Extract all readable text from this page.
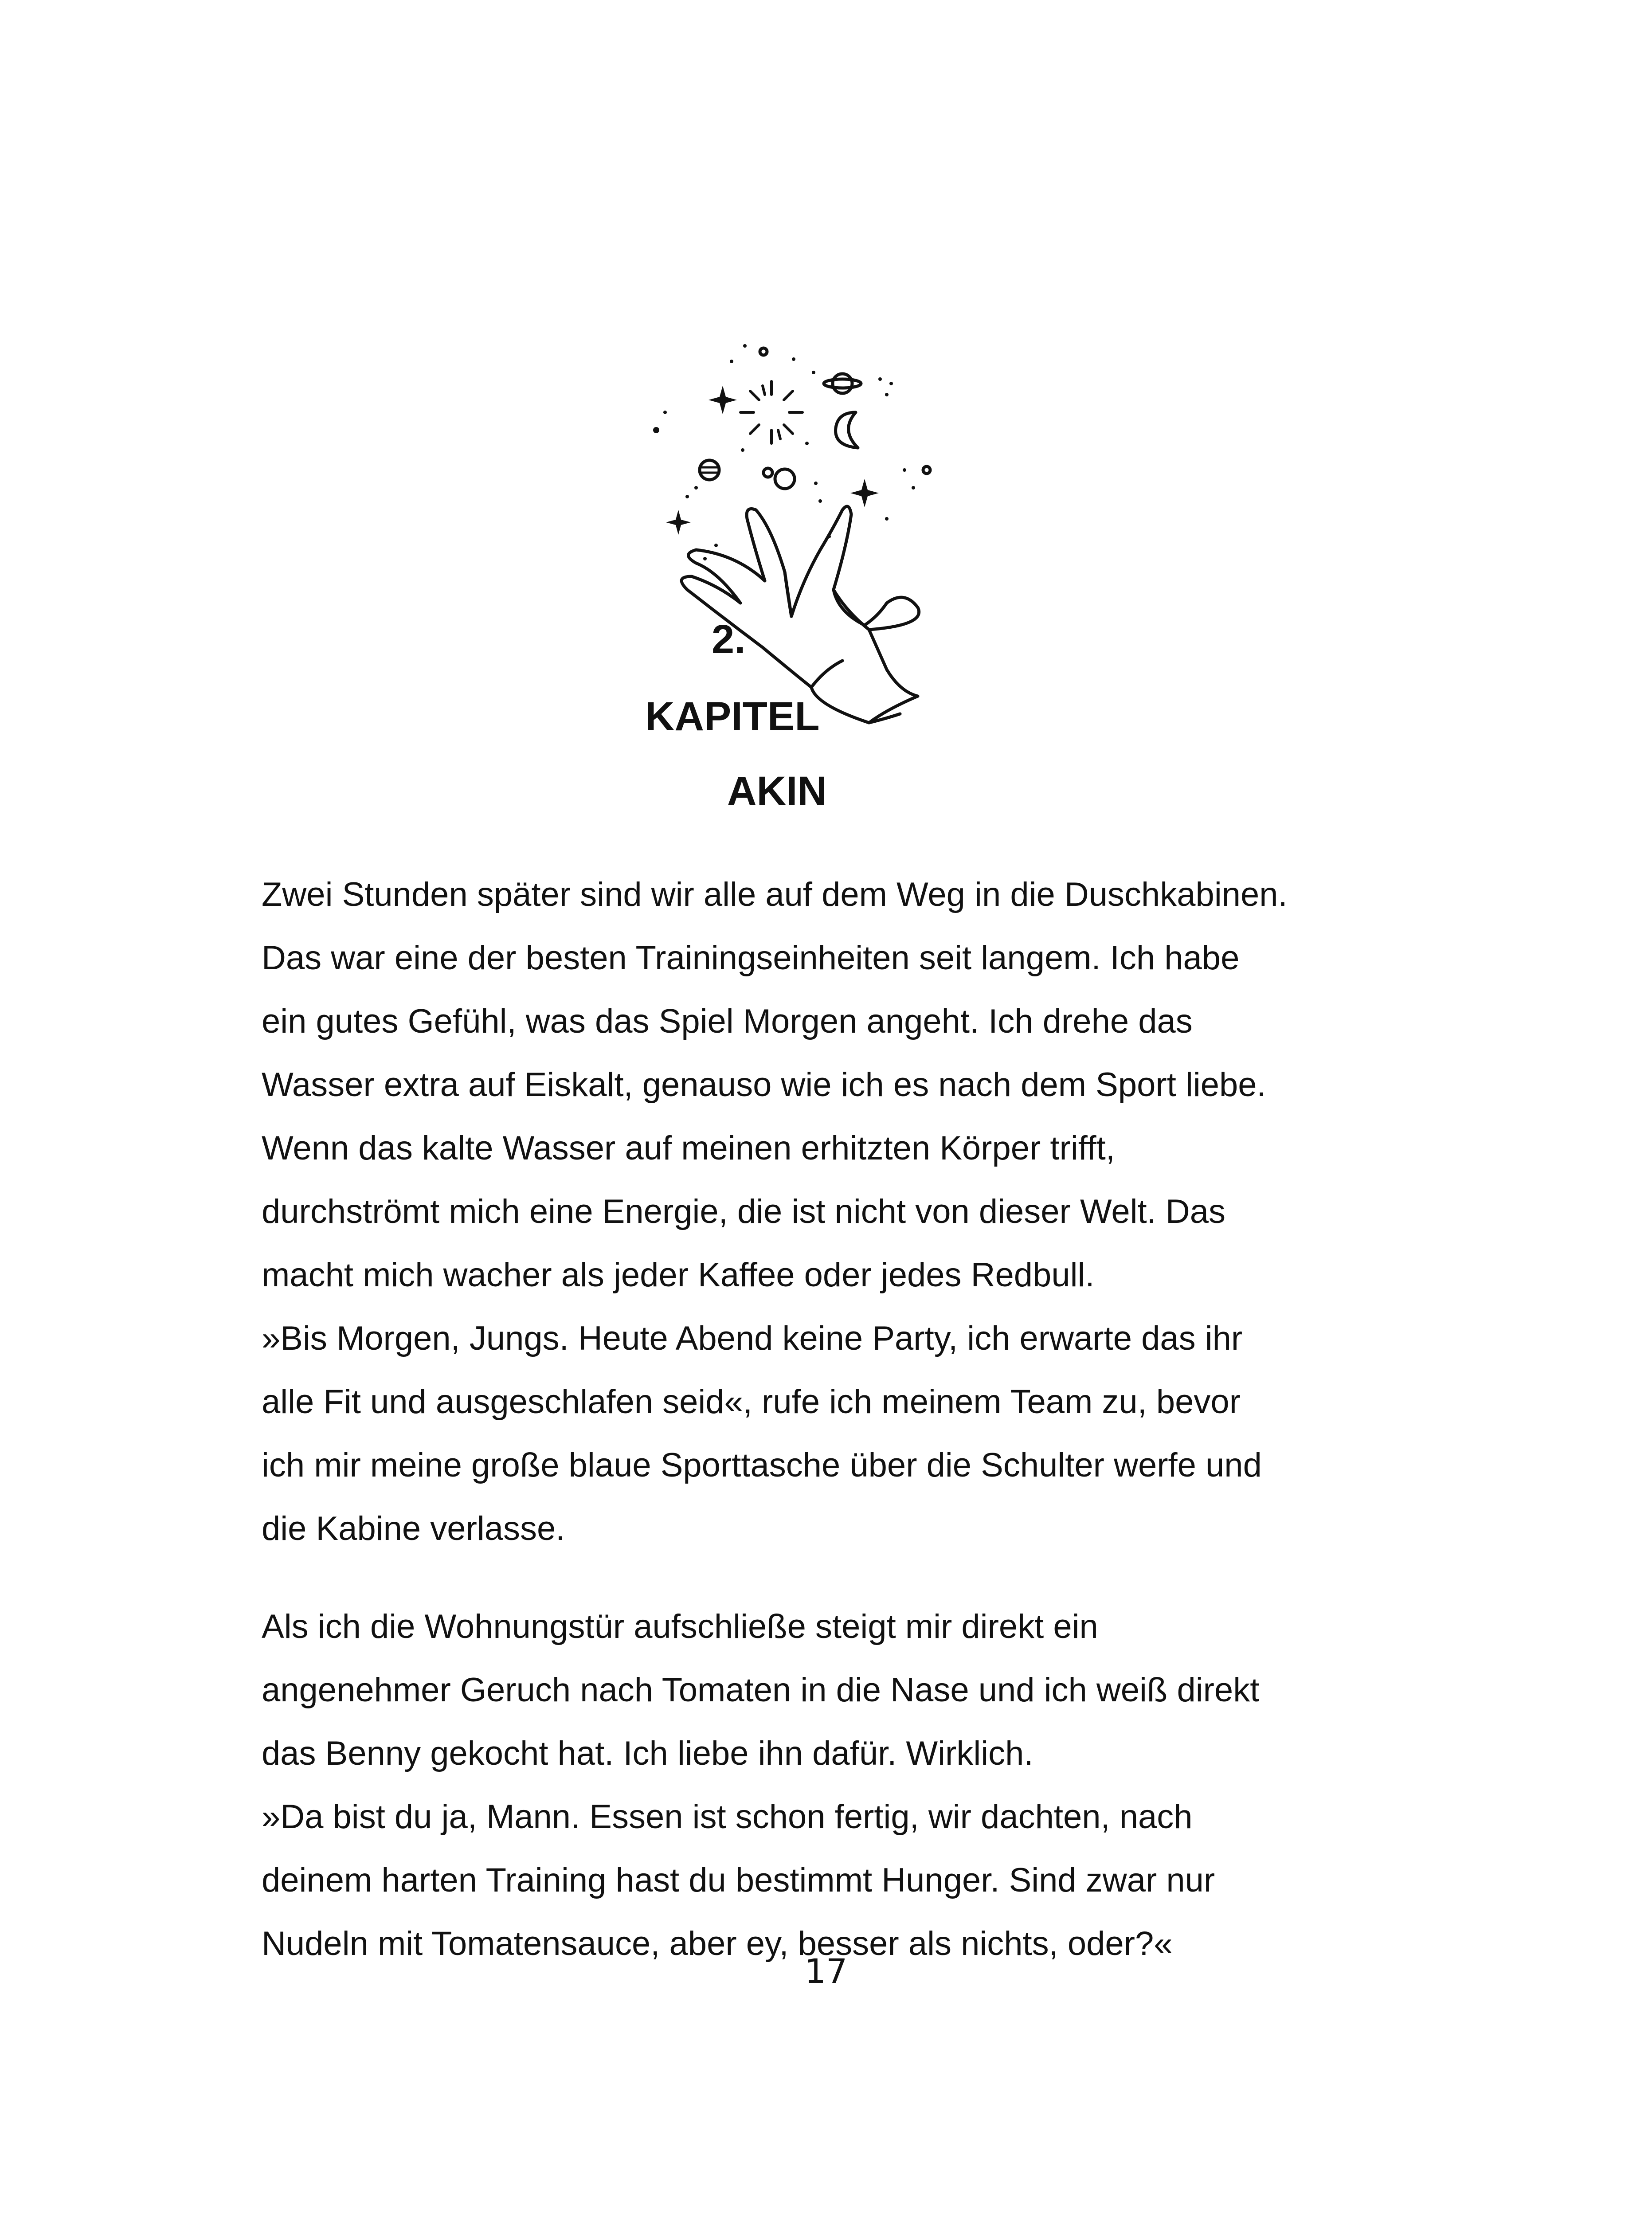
2.
KAPITEL
AKIN
Zwei Stunden später sind wir alle auf dem Weg in die Duschkabinen.
Das war eine der besten Trainingseinheiten seit langem. Ich habe
ein gutes Gefühl, was das Spiel Morgen angeht. Ich drehe das
Wasser extra auf Eiskalt, genauso wie ich es nach dem Sport liebe.
Wenn das kalte Wasser auf meinen erhitzten Körper trifft,
durchströmt mich eine Energie, die ist nicht von dieser Welt. Das
macht mich wacher als jeder Kaffee oder jedes Redbull.
»Bis Morgen, Jungs. Heute Abend keine Party, ich erwarte das ihr
alle Fit und ausgeschlafen seid«, rufe ich meinem Team zu, bevor
ich mir meine große blaue Sporttasche über die Schulter werfe und
die Kabine verlasse.
Als ich die Wohnungstür aufschließe steigt mir direkt ein
angenehmer Geruch nach Tomaten in die Nase und ich weiß direkt
das Benny gekocht hat. Ich liebe ihn dafür. Wirklich.
»Da bist du ja, Mann. Essen ist schon fertig, wir dachten, nach
deinem harten Training hast du bestimmt Hunger. Sind zwar nur
Nudeln mit Tomatensauce, aber ey, besser als nichts, oder?«
17
